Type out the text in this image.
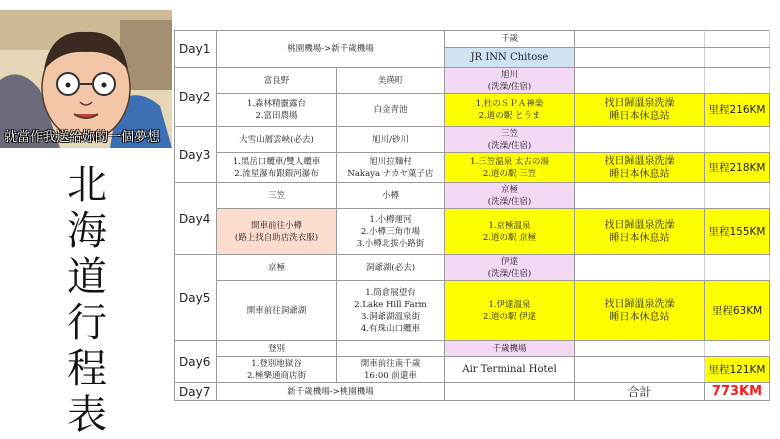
就當作我送給妳的一個夢想
北
海
道
行
程
表
Day1	桃園機場->新千歲機場		千歲		
			JR INN Chitose		
Day2	富良野	美瑛町	旭川
(洗澡/住宿)		

	1.森林精靈露台
2.富田農場	白金青池	1.杜のＳＰＡ神楽
2.道の駅 とうま	找日歸溫泉洗澡
睡日本休息站	里程216KM
Day3	大雪山層雲峽(必去)	旭川/砂川	三笠
(洗澡/住宿)		

	1.黑岳口纜車/雙人纜車
2.流星瀑布跟銀河瀑布	旭川拉麵村
Nakaya ナカヤ菓子店	1.三笠温泉 太古の湯
2.道の駅 三笠	找日歸溫泉洗澡
睡日本休息站	里程218KM
Day4	三笠	小樽	京極
(洗澡/住宿)		

	開車前往小樽
(路上找自助店洗衣服)	1.小樽運河
2.小樽三角市場
3.小樽北拔小路街	1.京極溫泉
2.道の駅 京極	找日歸溫泉洗澡
睡日本休息站	里程155KM
Day5	京極	洞爺湖(必去)	伊達
(洗澡/住宿)		

	開車前往洞爺湖	1.筒倉展望台
2.Lake Hill Farm
3.洞爺湖溫泉街
4.有珠山口纜車	1.伊達溫泉
2.道の駅 伊達	找日歸溫泉洗澡
睡日本休息站	里程63KM
Day6	登別		千歲機場		

	1.登別地獄谷
2.極樂通商店街	開車前往南千歲
16:00 前還車	Air Terminal Hotel		里程121KM
Day7	新千歲機場->桃園機場			合計	773KM
